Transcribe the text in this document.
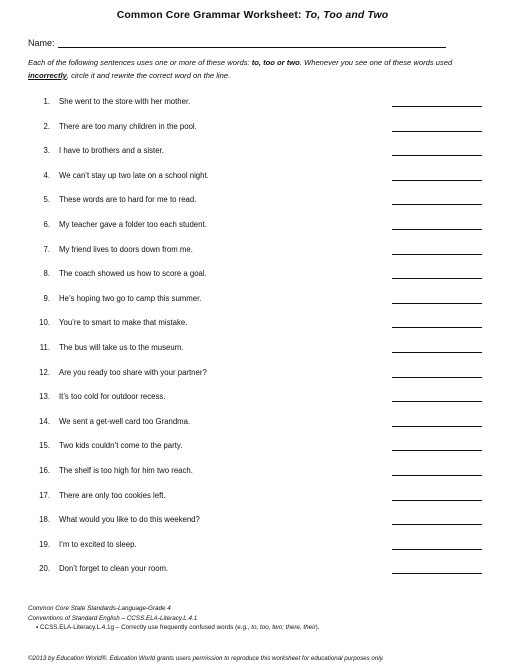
Common Core Grammar Worksheet: To, Too and Two
Name:
Each of the following sentences uses one or more of these words: to, too or two. Whenever you see one of these words used incorrectly, circle it and rewrite the correct word on the line.
1. She went to the store with her mother.
2. There are too many children in the pool.
3. I have to brothers and a sister.
4. We can’t stay up two late on a school night.
5. These words are to hard for me to read.
6. My teacher gave a folder too each student.
7. My friend lives to doors down from me.
8. The coach showed us how to score a goal.
9. He’s hoping two go to camp this summer.
10. You’re to smart to make that mistake.
11. The bus will take us to the museum.
12. Are you ready too share with your partner?
13. It’s too cold for outdoor recess.
14. We sent a get-well card too Grandma.
15. Two kids couldn’t come to the party.
16. The shelf is too high for him two reach.
17. There are only too cookies left.
18. What would you like to do this weekend?
19. I’m to excited to sleep.
20. Don’t forget to clean your room.
Common Core State Standards-Language-Grade 4
Conventions of Standard English – CCSS.ELA-Literacy.L.4.1
▪ CCSS.ELA-Literacy.L.4.1g – Correctly use frequently confused words (e.g., to, too, two; there, their).
©2013 by Education World®. Education World grants users permission to reproduce this worksheet for educational purposes only.
